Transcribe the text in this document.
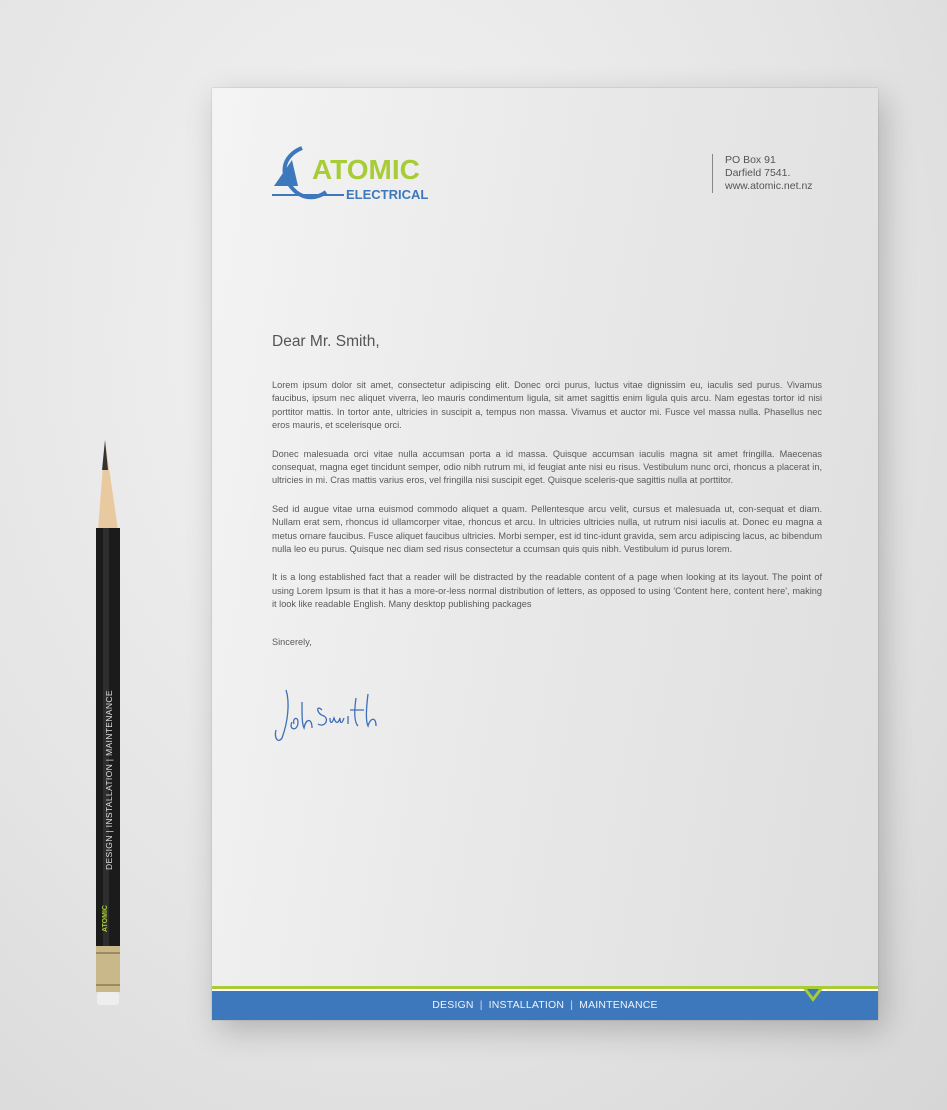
DESIGN | INSTALLATION | MAINTENANCE
ATOMIC
ATOMIC
ELECTRICAL
PO Box 91
Darfield 7541.
www.atomic.net.nz
Dear Mr. Smith,

Lorem ipsum dolor sit amet, consectetur adipiscing elit. Donec orci purus, luctus vitae dignissim eu, iaculis sed purus. Vivamus faucibus, ipsum nec aliquet viverra, leo mauris condimentum ligula, sit amet sagittis enim ligula quis arcu. Nam egestas tortor id nisi porttitor mattis. In tortor ante, ultricies in suscipit a, tempus non massa. Vivamus et auctor mi. Fusce vel massa nulla. Phasellus nec eros mauris, et scelerisque orci.

Donec malesuada orci vitae nulla accumsan porta a id massa. Quisque accumsan iaculis magna sit amet fringilla. Maecenas consequat, magna eget tincidunt semper, odio nibh rutrum mi, id feugiat ante nisi eu risus. Vestibulum nunc orci, rhoncus a placerat in, ultricies in mi. Cras mattis varius eros, vel fringilla nisi suscipit eget. Quisque sceleris-que sagittis nulla at porttitor.

Sed id augue vitae urna euismod commodo aliquet a quam. Pellentesque arcu velit, cursus et malesuada ut, con-sequat et diam. Nullam erat sem, rhoncus id ullamcorper vitae, rhoncus et arcu. In ultricies ultricies nulla, ut rutrum nisi iaculis at. Donec eu magna a metus ornare faucibus. Fusce aliquet faucibus ultricies. Morbi semper, est id tinc-idunt gravida, sem arcu adipiscing lacus, ac bibendum nulla leo eu purus. Quisque nec diam sed risus consectetur a ccumsan quis quis nibh. Vestibulum id purus lorem.

It is a long established fact that a reader will be distracted by the readable content of a page when looking at its layout. The point of using Lorem Ipsum is that it has a more-or-less normal distribution of letters, as opposed to using 'Content here, content here', making it look like readable English. Many desktop publishing packages

Sincerely,
DESIGN | INSTALLATION | MAINTENANCE
